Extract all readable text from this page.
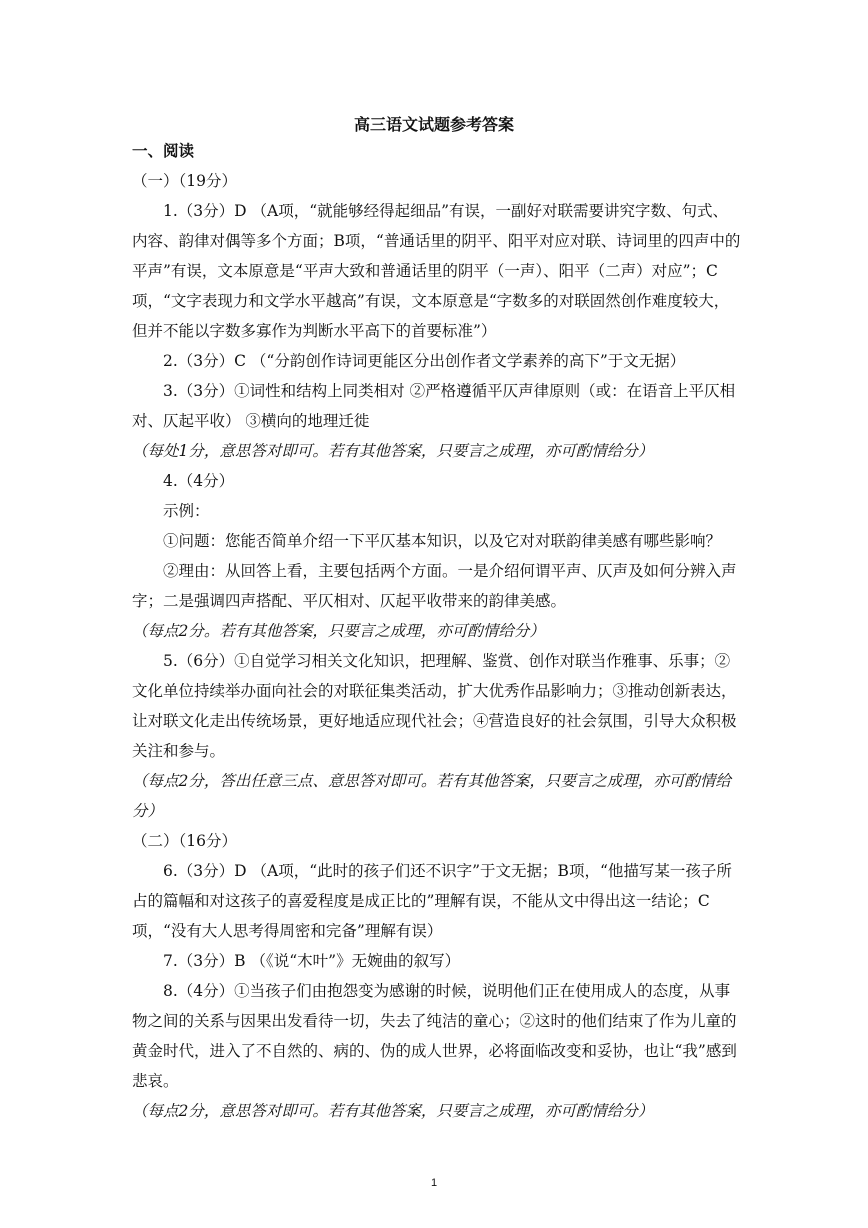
高三语文试题参考答案

一、阅读

（一）（19分）

1.（3分）D （A项，“就能够经得起细品”有误，一副好对联需要讲究字数、句式、内容、韵律对偶等多个方面；B项，“普通话里的阴平、阳平对应对联、诗词里的四声中的平声”有误，文本原意是“平声大致和普通话里的阴平（一声）、阳平（二声）对应”；C项，“文字表现力和文学水平越高”有误，文本原意是“字数多的对联固然创作难度较大，但并不能以字数多寡作为判断水平高下的首要标准”）

2.（3分）C （“分韵创作诗词更能区分出创作者文学素养的高下”于文无据）

3.（3分）①词性和结构上同类相对 ②严格遵循平仄声律原则（或：在语音上平仄相对、仄起平收） ③横向的地理迁徙

（每处1分，意思答对即可。若有其他答案，只要言之成理，亦可酌情给分）

4.（4分）

示例：

①问题：您能否简单介绍一下平仄基本知识，以及它对对联韵律美感有哪些影响？

②理由：从回答上看，主要包括两个方面。一是介绍何谓平声、仄声及如何分辨入声字；二是强调四声搭配、平仄相对、仄起平收带来的韵律美感。

（每点2分。若有其他答案，只要言之成理，亦可酌情给分）

5.（6分）①自觉学习相关文化知识，把理解、鉴赏、创作对联当作雅事、乐事；②文化单位持续举办面向社会的对联征集类活动，扩大优秀作品影响力；③推动创新表达，让对联文化走出传统场景，更好地适应现代社会；④营造良好的社会氛围，引导大众积极关注和参与。

（每点2分，答出任意三点、意思答对即可。若有其他答案，只要言之成理，亦可酌情给分）

（二）（16分）

6.（3分）D （A项，“此时的孩子们还不识字”于文无据；B项，“他描写某一孩子所占的篇幅和对这孩子的喜爱程度是成正比的”理解有误，不能从文中得出这一结论；C项，“没有大人思考得周密和完备”理解有误）

7.（3分）B （《说“木叶”》无婉曲的叙写）

8.（4分）①当孩子们由抱怨变为感谢的时候，说明他们正在使用成人的态度，从事物之间的关系与因果出发看待一切，失去了纯洁的童心；②这时的他们结束了作为儿童的黄金时代，进入了不自然的、病的、伪的成人世界，必将面临改变和妥协，也让“我”感到悲哀。

（每点2分，意思答对即可。若有其他答案，只要言之成理，亦可酌情给分）

1
